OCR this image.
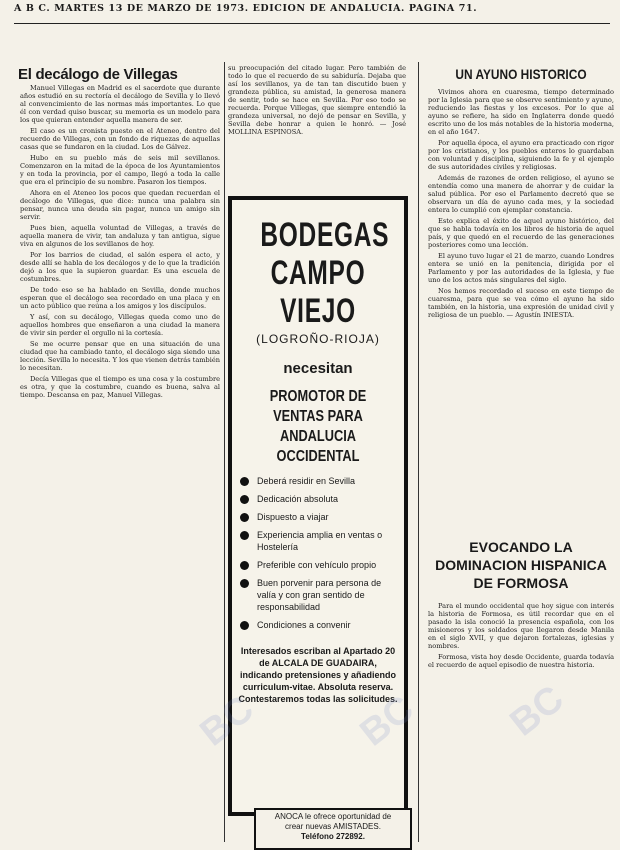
A B C. MARTES 13 DE MARZO DE 1973. EDICION DE ANDALUCIA. PAGINA 71.
El decálogo de Villegas

Manuel Villegas en Madrid es el sacerdote que durante años estudió en su rectoría el decálogo de Sevilla y lo llevó al convencimiento de las normas más importantes. Lo que él con verdad quiso buscar, su memoria es un modelo para los que quieran entender aquella manera de ser.

El caso es un cronista puesto en el Ateneo, dentro del recuerdo de Villegas, con un fondo de riquezas de aquellas casas que se fundaron en la ciudad. Los de Gálvez.

Hubo en su pueblo más de seis mil sevillanos. Comenzaron en la mitad de la época de los Ayuntamientos y en toda la provincia, por el campo, llegó a toda la calle que era el principio de su nombre. Pasaron los tiempos.

Ahora en el Ateneo los pocos que quedan recuerdan el decálogo de Villegas, que dice: nunca una palabra sin pensar, nunca una deuda sin pagar, nunca un amigo sin servir.

Pues bien, aquella voluntad de Villegas, a través de aquella manera de vivir, tan andaluza y tan antigua, sigue viva en algunos de los sevillanos de hoy.

Por los barrios de ciudad, el salón espera el acto, y desde allí se habla de los decálogos y de lo que la tradición dejó a los que la supieron guardar. Es una escuela de costumbres.

De todo eso se ha hablado en Sevilla, donde muchos esperan que el decálogo sea recordado en una placa y en un acto público que reúna a los amigos y los discípulos.

Y así, con su decálogo, Villegas queda como uno de aquellos hombres que enseñaron a una ciudad la manera de vivir sin perder el orgullo ni la cortesía.

Se me ocurre pensar que en una situación de una ciudad que ha cambiado tanto, el decálogo siga siendo una lección. Sevilla lo necesita. Y los que vienen detrás también lo necesitan.

Decía Villegas que el tiempo es una cosa y la costumbre es otra, y que la costumbre, cuando es buena, salva al tiempo. Descansa en paz, Manuel Villegas.

su preocupación del citado lugar. Pero también de todo lo que el recuerdo de su sabiduría. Dejaba que así los sevillanos, ya de tan tan discutido buen y grandeza pública, su amistad, la generosa manera de sentir, todo se hace en Sevilla. Por eso todo se recuerda. Porque Villegas, que siempre entendió la grandeza universal, no dejó de pensar en Sevilla, y Sevilla debe honrar a quien le honró. — José MOLLINA ESPINOSA.

BODEGAS CAMPO VIEJO
(LOGROÑO-RIOJA)
necesitan
PROMOTOR DE VENTAS PARA ANDALUCIA OCCIDENTAL
Deberá residir en Sevilla
Dedicación absoluta
Dispuesto a viajar
Experiencia amplia en ventas o Hostelería
Preferible con vehículo propio
Buen porvenir para persona de valía y con gran sentido de responsabilidad
Condiciones a convenir
Interesados escriban al Apartado 20 de ALCALA DE GUADAIRA, indicando pretensiones y añadiendo curriculum-vitae. Absoluta reserva. Contestaremos todas las solicitudes.
ANOCA le ofrece oportunidad de
crear nuevas AMISTADES.
Teléfono 272892.
UN AYUNO HISTORICO

Vivimos ahora en cuaresma, tiempo determinado por la Iglesia para que se observe sentimiento y ayuno, reduciendo las fiestas y los excesos. Por lo que al ayuno se refiere, ha sido en Inglaterra donde quedó escrito uno de los más notables de la historia moderna, en el año 1647.

Por aquella época, el ayuno era practicado con rigor por los cristianos, y los pueblos enteros lo guardaban con voluntad y disciplina, siguiendo la fe y el ejemplo de sus autoridades civiles y religiosas.

Además de razones de orden religioso, el ayuno se entendía como una manera de ahorrar y de cuidar la salud pública. Por eso el Parlamento decretó que se observara un día de ayuno cada mes, y la sociedad entera lo cumplió con ejemplar constancia.

Esto explica el éxito de aquel ayuno histórico, del que se habla todavía en los libros de historia de aquel país, y que quedó en el recuerdo de las generaciones posteriores como una lección.

El ayuno tuvo lugar el 21 de marzo, cuando Londres entera se unió en la penitencia, dirigida por el Parlamento y por las autoridades de la Iglesia, y fue uno de los actos más singulares del siglo.

Nos hemos recordado el suceso en este tiempo de cuaresma, para que se vea cómo el ayuno ha sido también, en la historia, una expresión de unidad civil y religiosa de un pueblo. — Agustín INIESTA.

EVOCANDO LA DOMINACION HISPANICA DE FORMOSA

Para el mundo occidental que hoy sigue con interés la historia de Formosa, es útil recordar que en el pasado la isla conoció la presencia española, con los misioneros y los soldados que llegaron desde Manila en el siglo XVII, y que dejaron fortalezas, iglesias y nombres.

Formosa, vista hoy desde Occidente, guarda todavía el recuerdo de aquel episodio de nuestra historia.

BC BC BC
